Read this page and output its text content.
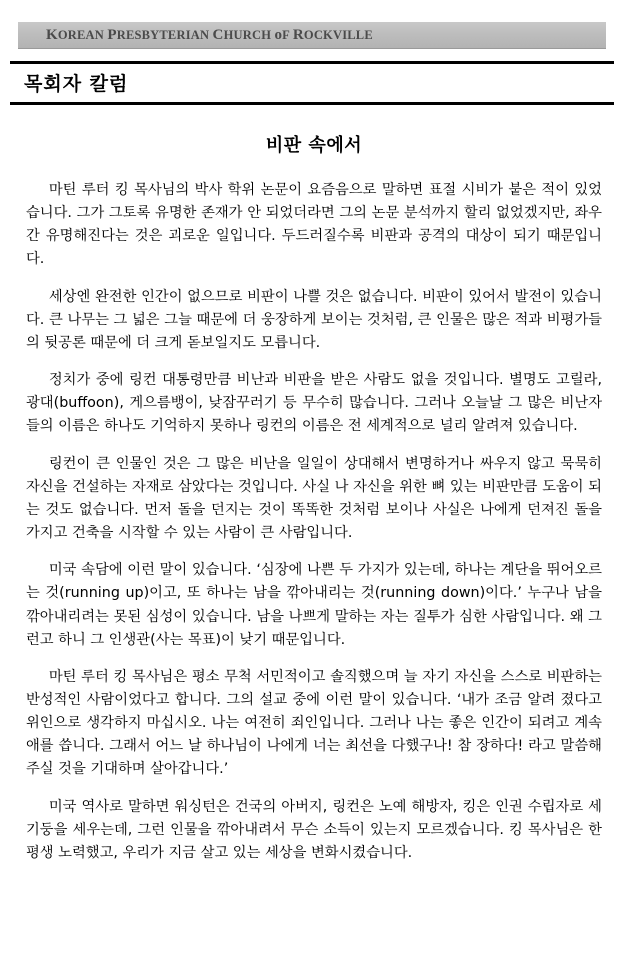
KOREAN PRESBYTERIAN CHURCH oF ROCKVILLE
목회자 칼럼
비판 속에서

마틴 루터 킹 목사님의 박사 학위 논문이 요즘음으로 말하면 표절 시비가 붙은 적이 있었습니다. 그가 그토록 유명한 존재가 안 되었더라면 그의 논문 분석까지 할리 없었겠지만, 좌우간 유명해진다는 것은 괴로운 일입니다. 두드러질수록 비판과 공격의 대상이 되기 때문입니다.

세상엔 완전한 인간이 없으므로 비판이 나쁠 것은 없습니다. 비판이 있어서 발전이 있습니다. 큰 나무는 그 넓은 그늘 때문에 더 웅장하게 보이는 것처럼, 큰 인물은 많은 적과 비평가들의 뒷공론 때문에 더 크게 돋보일지도 모릅니다.

정치가 중에 링컨 대통령만큼 비난과 비판을 받은 사람도 없을 것입니다. 별명도 고릴라, 광대(buffoon), 게으름뱅이, 낮잠꾸러기 등 무수히 많습니다. 그러나 오늘날 그 많은 비난자들의 이름은 하나도 기억하지 못하나 링컨의 이름은 전 세계적으로 널리 알려져 있습니다.

링컨이 큰 인물인 것은 그 많은 비난을 일일이 상대해서 변명하거나 싸우지 않고 묵묵히 자신을 건설하는 자재로 삼았다는 것입니다. 사실 나 자신을 위한 뼈 있는 비판만큼 도움이 되는 것도 없습니다. 먼저 돌을 던지는 것이 똑똑한 것처럼 보이나 사실은 나에게 던져진 돌을 가지고 건축을 시작할 수 있는 사람이 큰 사람입니다.

미국 속담에 이런 말이 있습니다. ‘심장에 나쁜 두 가지가 있는데, 하나는 계단을 뛰어오르는 것(running up)이고, 또 하나는 남을 깎아내리는 것(running down)이다.’ 누구나 남을 깎아내리려는 못된 심성이 있습니다. 남을 나쁘게 말하는 자는 질투가 심한 사람입니다. 왜 그런고 하니 그 인생관(사는 목표)이 낮기 때문입니다.

마틴 루터 킹 목사님은 평소 무척 서민적이고 솔직했으며 늘 자기 자신을 스스로 비판하는 반성적인 사람이었다고 합니다. 그의 설교 중에 이런 말이 있습니다. ‘내가 조금 알려 졌다고 위인으로 생각하지 마십시오. 나는 여전히 죄인입니다. 그러나 나는 좋은 인간이 되려고 계속 애를 씁니다. 그래서 어느 날 하나님이 나에게 너는 최선을 다했구나! 참 장하다! 라고 말씀해 주실 것을 기대하며 살아갑니다.’

미국 역사로 말하면 워싱턴은 건국의 아버지, 링컨은 노예 해방자, 킹은 인권 수립자로 세 기둥을 세우는데, 그런 인물을 깎아내려서 무슨 소득이 있는지 모르겠습니다. 킹 목사님은 한 평생 노력했고, 우리가 지금 살고 있는 세상을 변화시켰습니다.
